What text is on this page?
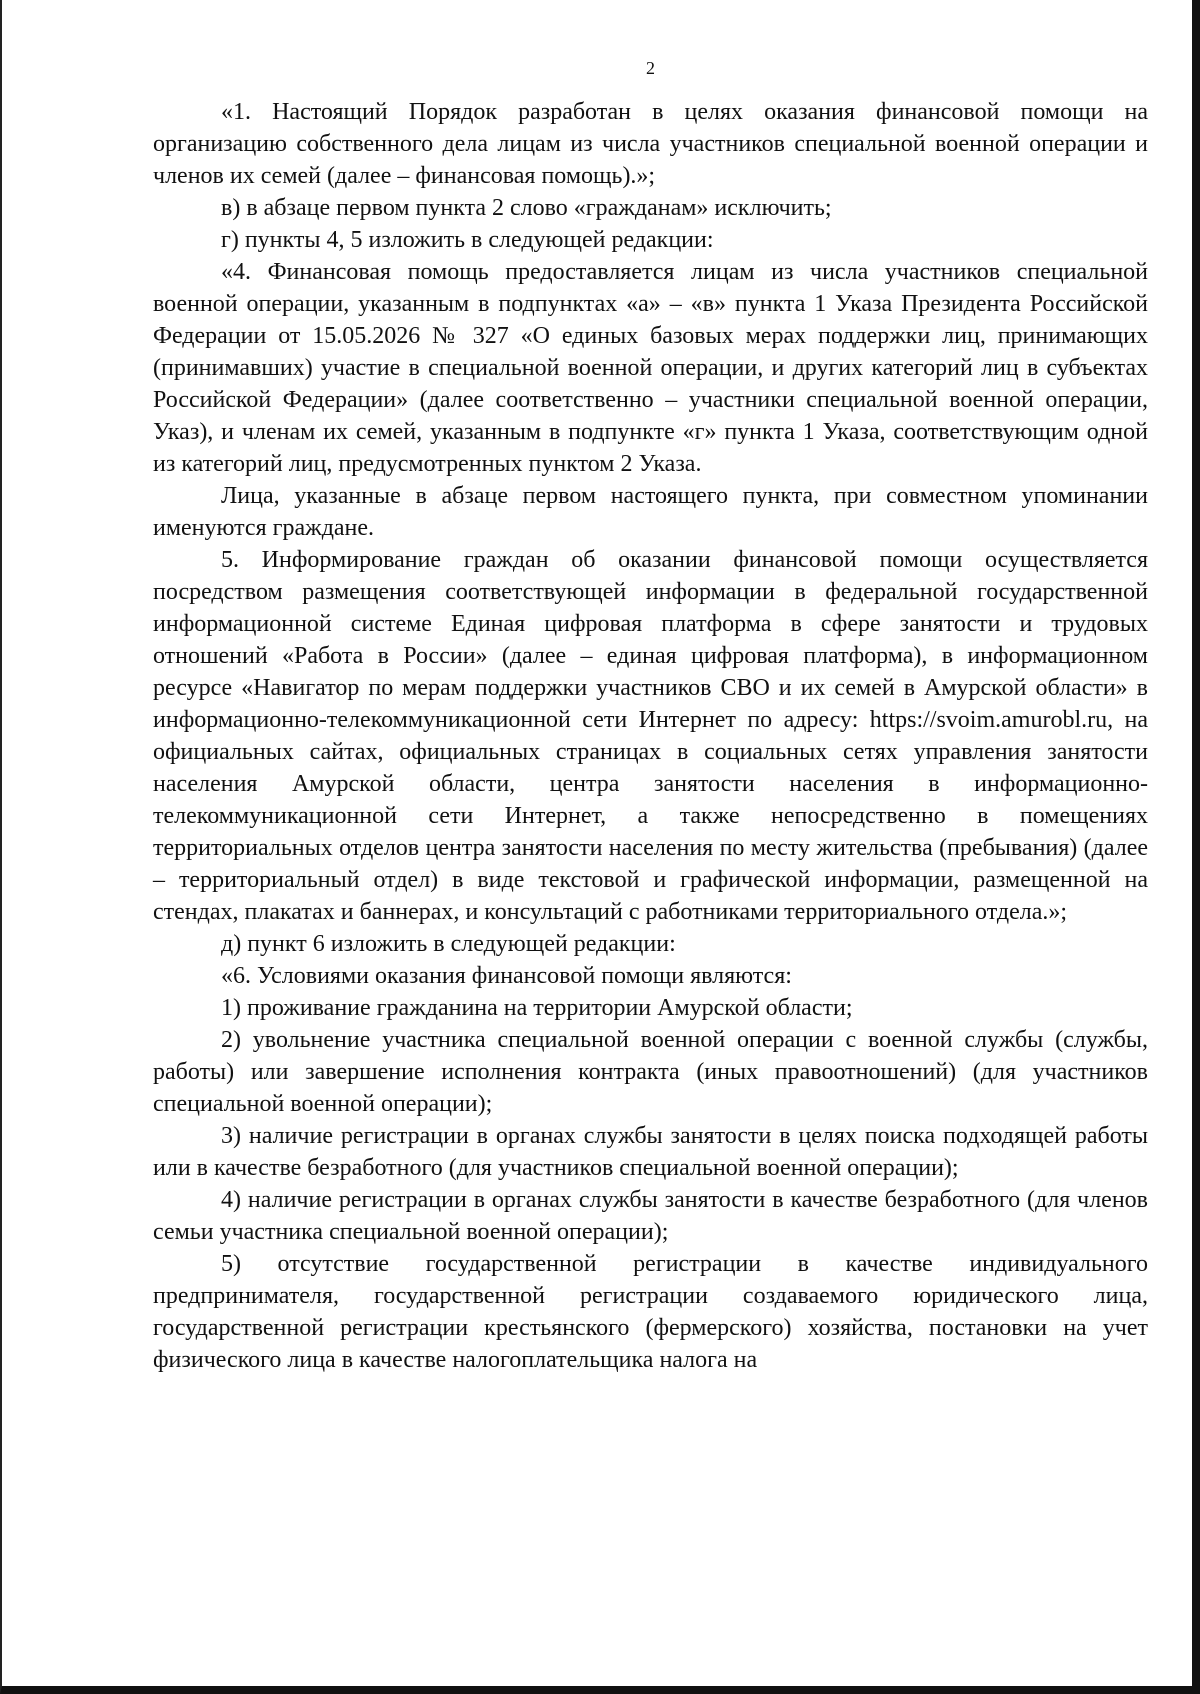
2

«1. Настоящий Порядок разработан в целях оказания финансовой помощи на организацию собственного дела лицам из числа участников специальной военной операции и членов их семей (далее – финансовая помощь).»;

в) в абзаце первом пункта 2 слово «гражданам» исключить;

г) пункты 4, 5 изложить в следующей редакции:

«4. Финансовая помощь предоставляется лицам из числа участников специальной военной операции, указанным в подпунктах «а» – «в» пункта 1 Указа Президента Российской Федерации от 15.05.2026 № 327 «О единых базовых мерах поддержки лиц, принимающих (принимавших) участие в специальной военной операции, и других категорий лиц в субъектах Российской Федерации» (далее соответственно – участники специальной военной операции, Указ), и членам их семей, указанным в подпункте «г» пункта 1 Указа, соответствующим одной из категорий лиц, предусмотренных пунктом 2 Указа.

Лица, указанные в абзаце первом настоящего пункта, при совместном упоминании именуются граждане.

5. Информирование граждан об оказании финансовой помощи осуществляется посредством размещения соответствующей информации в федеральной государственной информационной системе Единая цифровая платформа в сфере занятости и трудовых отношений «Работа в России» (далее – единая цифровая платформа), в информационном ресурсе «Навигатор по мерам поддержки участников СВО и их семей в Амурской области» в информационно-телекоммуникационной сети Интернет по адресу: https://svoim.amurobl.ru, на официальных сайтах, официальных страницах в социальных сетях управления занятости населения Амурской области, центра занятости населения в информационно-телекоммуникационной сети Интернет, а также непосредственно в помещениях территориальных отделов центра занятости населения по месту жительства (пребывания) (далее – территориальный отдел) в виде текстовой и графической информации, размещенной на стендах, плакатах и баннерах, и консультаций с работниками территориального отдела.»;

д) пункт 6 изложить в следующей редакции:

«6. Условиями оказания финансовой помощи являются:

1) проживание гражданина на территории Амурской области;

2) увольнение участника специальной военной операции с военной службы (службы, работы) или завершение исполнения контракта (иных правоотношений) (для участников специальной военной операции);

3) наличие регистрации в органах службы занятости в целях поиска подходящей работы или в качестве безработного (для участников специальной военной операции);

4) наличие регистрации в органах службы занятости в качестве безработного (для членов семьи участника специальной военной операции);

5) отсутствие государственной регистрации в качестве индивидуального предпринимателя, государственной регистрации создаваемого юридического лица, государственной регистрации крестьянского (фермерского) хозяйства, постановки на учет физического лица в качестве налогоплательщика налога на
